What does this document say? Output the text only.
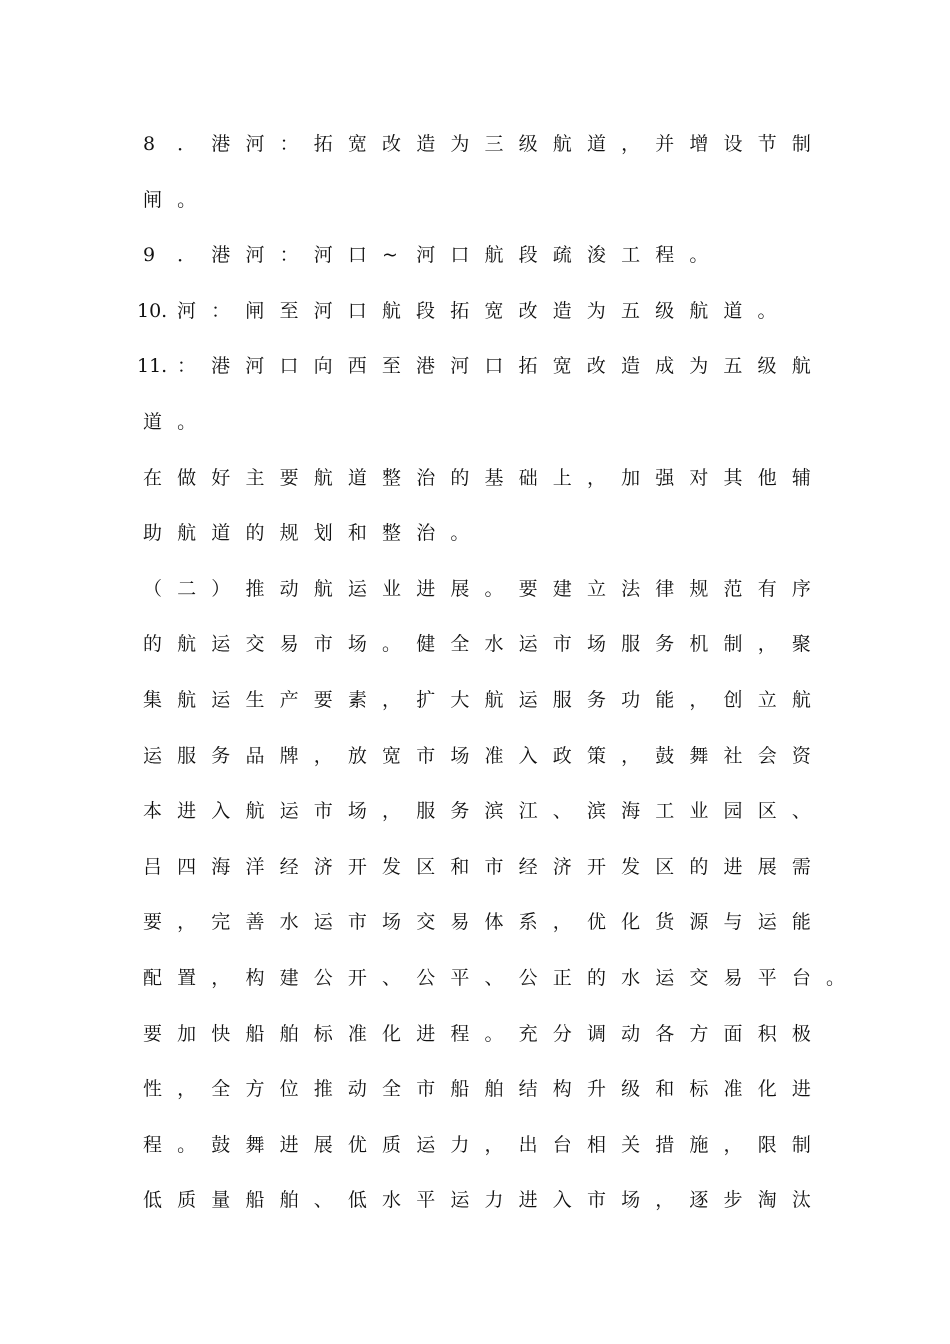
8 ． 港 河 ： 拓 宽 改 造 为 三 级 航 道 ， 并 增 设 节 制
闸 。
9 ． 港 河 ： 河 口 ~ 河 口 航 段 疏 浚 工 程 。
10. 河 ： 闸 至 河 口 航 段 拓 宽 改 造 为 五 级 航 道 。
11. ： 港 河 口 向 西 至 港 河 口 拓 宽 改 造 成 为 五 级 航
道 。
在 做 好 主 要 航 道 整 治 的 基 础 上 ， 加 强 对 其 他 辅
助 航 道 的 规 划 和 整 治 。
（ 二 ） 推 动 航 运 业 进 展 。 要 建 立 法 律 规 范 有 序
的 航 运 交 易 市 场 。 健 全 水 运 市 场 服 务 机 制 ， 聚
集 航 运 生 产 要 素 ， 扩 大 航 运 服 务 功 能 ， 创 立 航
运 服 务 品 牌 ， 放 宽 市 场 准 入 政 策 ， 鼓 舞 社 会 资
本 进 入 航 运 市 场 ， 服 务 滨 江 、 滨 海 工 业 园 区 、
吕 四 海 洋 经 济 开 发 区 和 市 经 济 开 发 区 的 进 展 需
要 ， 完 善 水 运 市 场 交 易 体 系 ， 优 化 货 源 与 运 能
配 置 ， 构 建 公 开 、 公 平 、 公 正 的 水 运 交 易 平 台 。
要 加 快 船 舶 标 准 化 进 程 。 充 分 调 动 各 方 面 积 极
性 ， 全 方 位 推 动 全 市 船 舶 结 构 升 级 和 标 准 化 进
程 。 鼓 舞 进 展 优 质 运 力 ， 出 台 相 关 措 施 ， 限 制
低 质 量 船 舶 、 低 水 平 运 力 进 入 市 场 ， 逐 步 淘 汰
